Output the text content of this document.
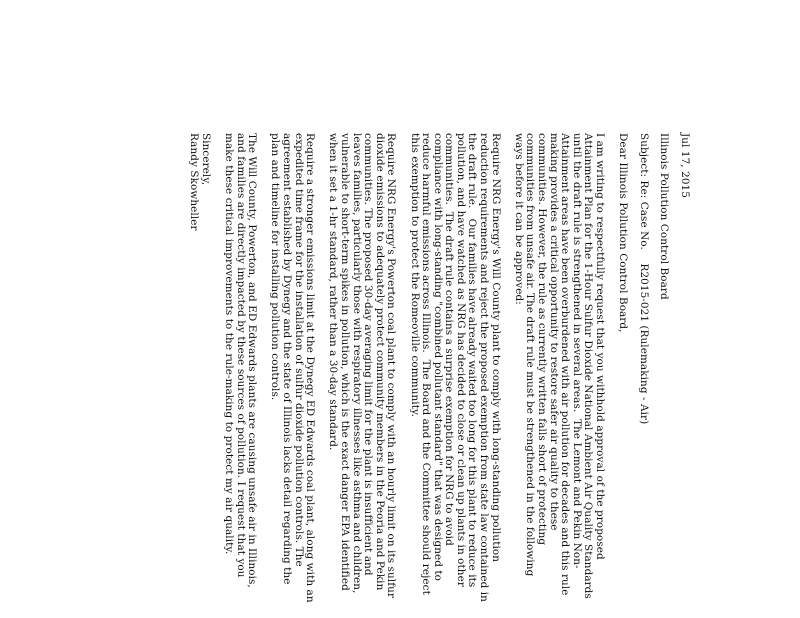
Jul 17, 2015

Illinois Pollution Control Board

Subject: Re: Case No.    R2015-021 (Rulemaking - Air)

Dear Illinois Pollution Control Board,

I am writing to respectfully request that you withhold approval of the proposed Attainment Plan for the 1-Hour Sulfur Dioxide National Ambient Air Quality Standards until the draft rule is strengthened in several areas.  The Lemont and Pekin Non-Attainment areas have been overburdened with air pollution for decades and this rule making provides a critical opportunity to restore safer air quality to these communities. However, the rule as currently written falls short of protecting communities from unsafe air. The draft rule must be strengthened in the following ways before it can be approved:

Require NRG Energy's Will County plant to comply with long-standing pollution reduction requirements and reject the proposed exemption from state law contained in the draft rule.   Our families have already waited too long for this plant to reduce its pollution, and have watched as NRG has decided to close or clean up plants in other communities.  The draft rule contains a surprise exemption for NRG to avoid compliance with long-standing "combined pollutant standard" that was designed to reduce harmful emissions across Illinois.  The Board and the Committee should reject this exemption to protect the Romeoville community.

Require NRG Energy's Powerton coal plant to comply with an hourly limit on its sulfur dioxide emissions to adequately protect community members in the Peoria and Pekin communities. The proposed 30-day averaging limit for the plant is insufficient and leaves families, particularly those with respiratory illnesses like asthma and children, vulnerable to short-term spikes in pollution, which is the exact danger EPA identified when it set a 1-hr standard, rather than a 30-day standard.

Require a stronger emissions limit at the Dynegy ED Edwards coal plant, along with an expedited time frame for the installation of sulfur dioxide pollution controls. The agreement established by Dynegy and the state of Illinois lacks detail regarding the plan and timeline for installing pollution controls.

The Will County, Powerton, and ED Edwards plants are causing unsafe air in Illinois, and families are directly impacted by these sources of pollution. I request that you make these critical improvements to the rule-making to protect my air quality.

Sincerely,

Randy Skowheller
